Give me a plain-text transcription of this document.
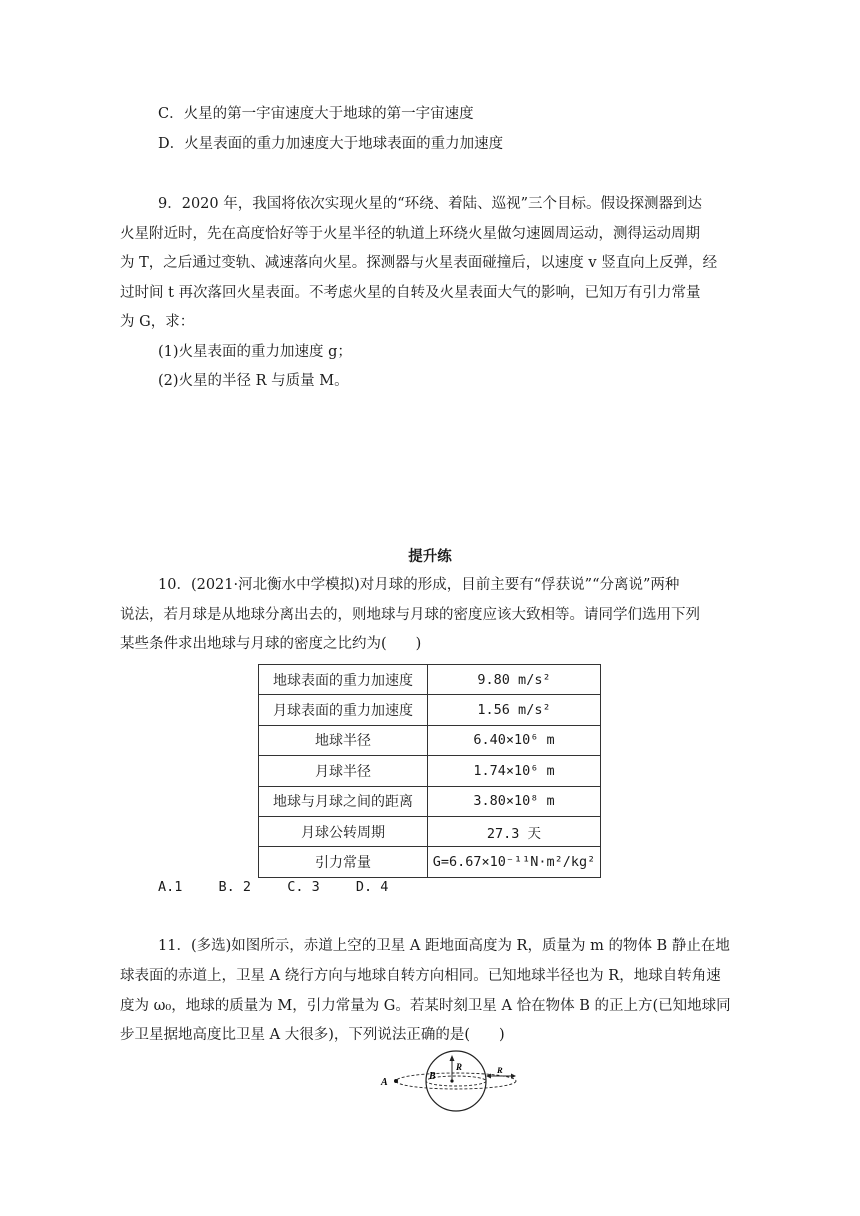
C．火星的第一宇宙速度大于地球的第一宇宙速度
D．火星表面的重力加速度大于地球表面的重力加速度
9．2020 年，我国将依次实现火星的“环绕、着陆、巡视”三个目标。假设探测器到达
火星附近时，先在高度恰好等于火星半径的轨道上环绕火星做匀速圆周运动，测得运动周期
为 T，之后通过变轨、减速落向火星。探测器与火星表面碰撞后，以速度 v 竖直向上反弹，经
过时间 t 再次落回火星表面。不考虑火星的自转及火星表面大气的影响，已知万有引力常量
为 G，求：
(1)火星表面的重力加速度 g；
(2)火星的半径 R 与质量 M。
提升练
10．(2021·河北衡水中学模拟)对月球的形成，目前主要有“俘获说”“分离说”两种
说法，若月球是从地球分离出去的，则地球与月球的密度应该大致相等。请同学们选用下列
某些条件求出地球与月球的密度之比约为(　　)
地球表面的重力加速度	9.80 m/s²
月球表面的重力加速度	1.56 m/s²
地球半径	6.40×10⁶ m
月球半径	1.74×10⁶ m
地球与月球之间的距离	3.80×10⁸ m
月球公转周期	27.3 天
引力常量	G=6.67×10⁻¹¹N·m²/kg²
A.1	B. 2	C. 3	D. 4
11．(多选)如图所示，赤道上空的卫星 A 距地面高度为 R，质量为 m 的物体 B 静止在地
球表面的赤道上，卫星 A 绕行方向与地球自转方向相同。已知地球半径也为 R，地球自转角速
度为 ω₀，地球的质量为 M，引力常量为 G。若某时刻卫星 A 恰在物体 B 的正上方(已知地球同
步卫星据地高度比卫星 A 大很多)，下列说法正确的是(　　)
A
B
R	R
